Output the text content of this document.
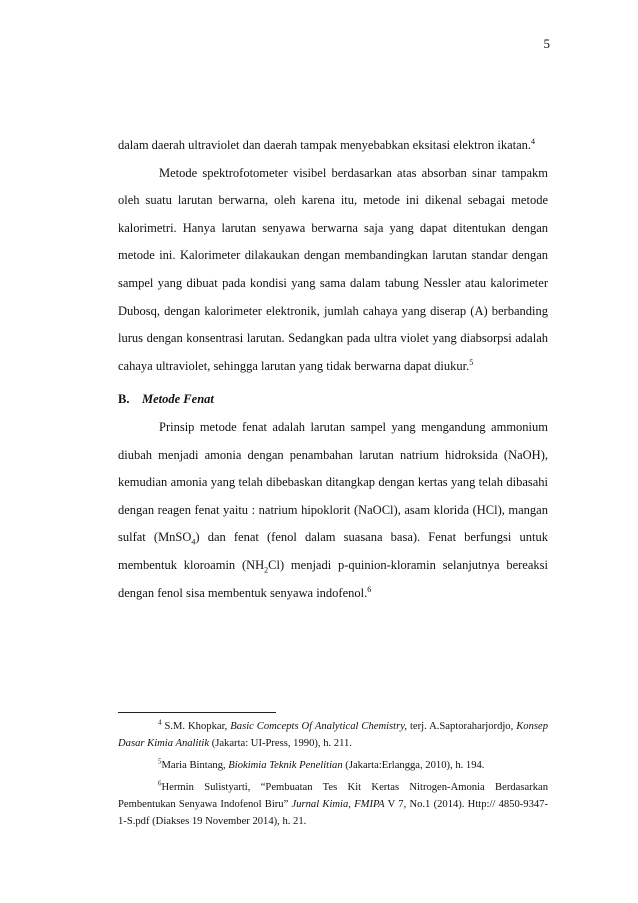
5

dalam daerah ultraviolet dan daerah tampak menyebabkan eksitasi elektron ikatan.$^4$

Metode spektrofotometer visibel berdasarkan atas absorban sinar tampakm oleh suatu larutan berwarna, oleh karena itu, metode ini dikenal sebagai metode kalorimetri. Hanya larutan senyawa berwarna saja yang dapat ditentukan dengan metode ini. Kalorimeter dilakaukan dengan membandingkan larutan standar dengan sampel yang dibuat pada kondisi yang sama dalam tabung Nessler atau kalorimeter Dubosq, dengan kalorimeter elektronik, jumlah cahaya yang diserap (A) berbanding lurus dengan konsentrasi larutan. Sedangkan pada ultra violet yang diabsorpsi adalah cahaya ultraviolet, sehingga larutan yang tidak berwarna dapat diukur.$^5$

B. Metode Fenat

Prinsip metode fenat adalah larutan sampel yang mengandung ammonium diubah menjadi amonia dengan penambahan larutan natrium hidroksida (NaOH), kemudian amonia yang telah dibebaskan ditangkap dengan kertas yang telah dibasahi dengan reagen fenat yaitu : natrium hipoklorit (NaOCl), asam klorida (HCl), mangan sulfat (MnSO$_4$) dan fenat (fenol dalam suasana basa). Fenat berfungsi untuk membentuk kloroamin $(NH_2Cl)$ menjadi p-quinion-kloramin selanjutnya bereaksi dengan fenol sisa membentuk senyawa indofenol.$^6$

$^4$ S.M. Khopkar, Basic Comcepts Of Analytical Chemistry, terj. A.Saptoraharjordjo, Konsep Dasar Kimia Analitik (Jakarta: UI-Press, 1990), h. 211.

$^5$Maria Bintang, Biokimia Teknik Penelitian (Jakarta:Erlangga, 2010), h. 194.

$^6$Hermin Sulistyarti, “Pembuatan Tes Kit Kertas Nitrogen-Amonia Berdasarkan Pembentukan Senyawa Indofenol Biru” Jurnal Kimia, FMIPA V 7, No.1 (2014). Http:// 4850-9347-1-S.pdf (Diakses 19 November 2014), h. 21.
